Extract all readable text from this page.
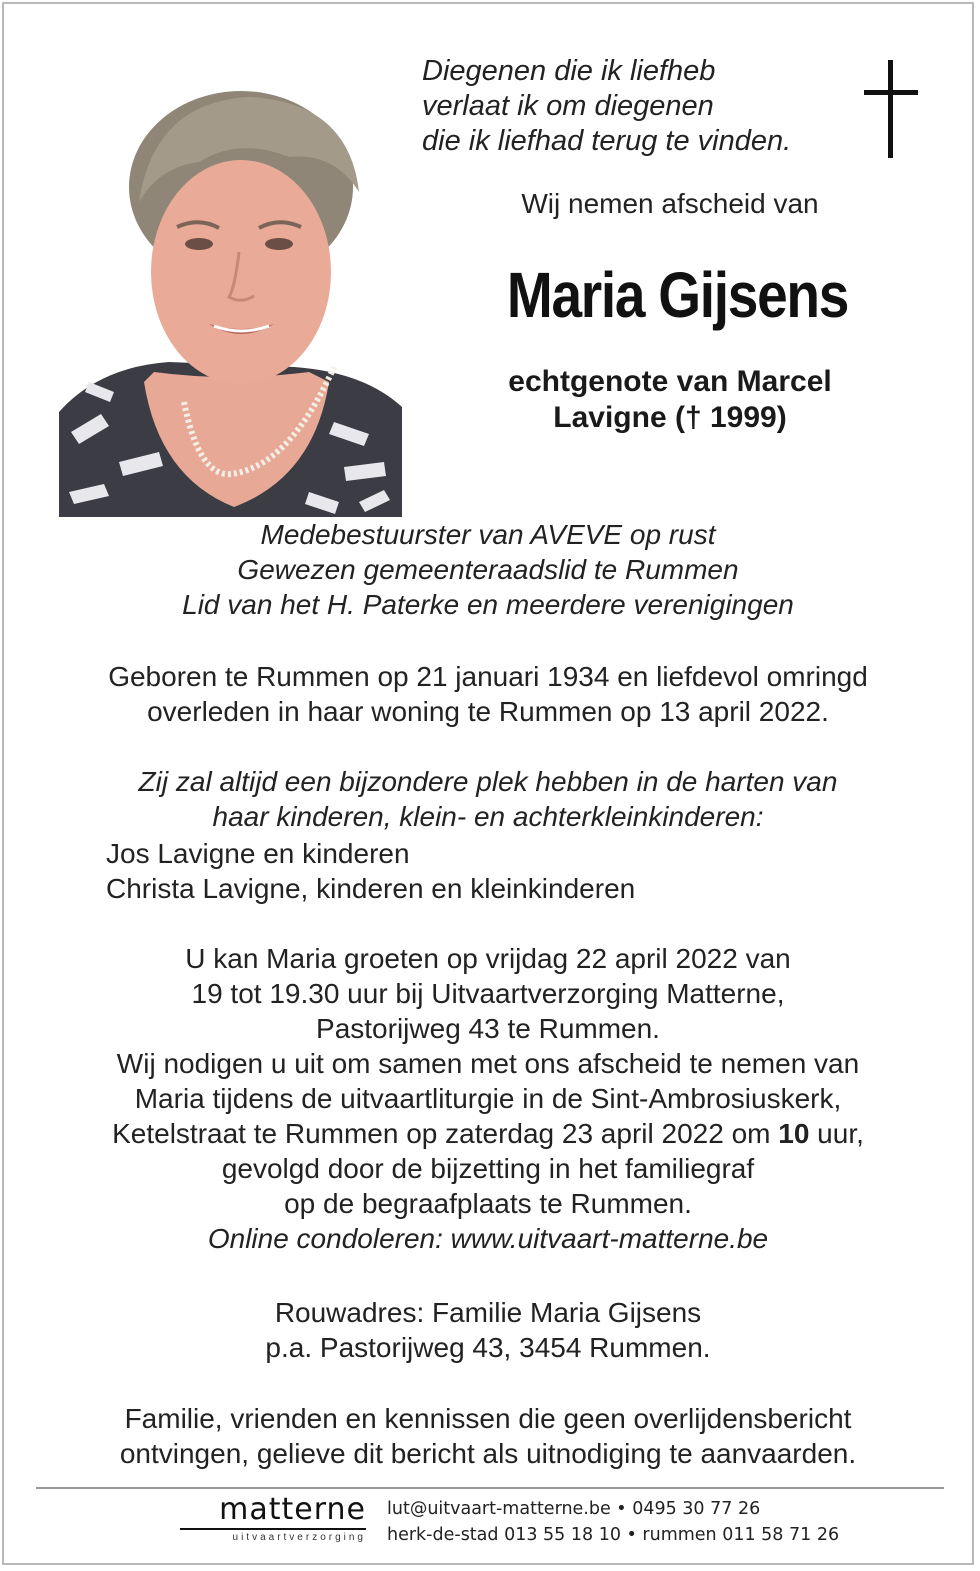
Diegenen die ik liefheb
verlaat ik om diegenen
die ik liefhad terug te vinden.
Wij nemen afscheid van
Maria Gijsens
echtgenote van Marcel
Lavigne († 1999)
Medebestuurster van AVEVE op rust
Gewezen gemeenteraadslid te Rummen
Lid van het H. Paterke en meerdere verenigingen
Geboren te Rummen op 21 januari 1934 en liefdevol omringd
overleden in haar woning te Rummen op 13 april 2022.
Zij zal altijd een bijzondere plek hebben in de harten van
haar kinderen, klein- en achterkleinkinderen:
Jos Lavigne en kinderen
Christa Lavigne, kinderen en kleinkinderen
U kan Maria groeten op vrijdag 22 april 2022 van
19 tot 19.30 uur bij Uitvaartverzorging Matterne,
Pastorijweg 43 te Rummen.
Wij nodigen u uit om samen met ons afscheid te nemen van
Maria tijdens de uitvaartliturgie in de Sint-Ambrosiuskerk,
Ketelstraat te Rummen op zaterdag 23 april 2022 om 10 uur,
gevolgd door de bijzetting in het familiegraf
op de begraafplaats te Rummen.
Online condoleren: www.uitvaart-matterne.be
Rouwadres: Familie Maria Gijsens
p.a. Pastorijweg 43, 3454 Rummen.
Familie, vrienden en kennissen die geen overlijdensbericht
ontvingen, gelieve dit bericht als uitnodiging te aanvaarden.
matterne
uitvaartverzorging
lut@uitvaart-matterne.be • 0495 30 77 26
herk-de-stad 013 55 18 10 • rummen 011 58 71 26
